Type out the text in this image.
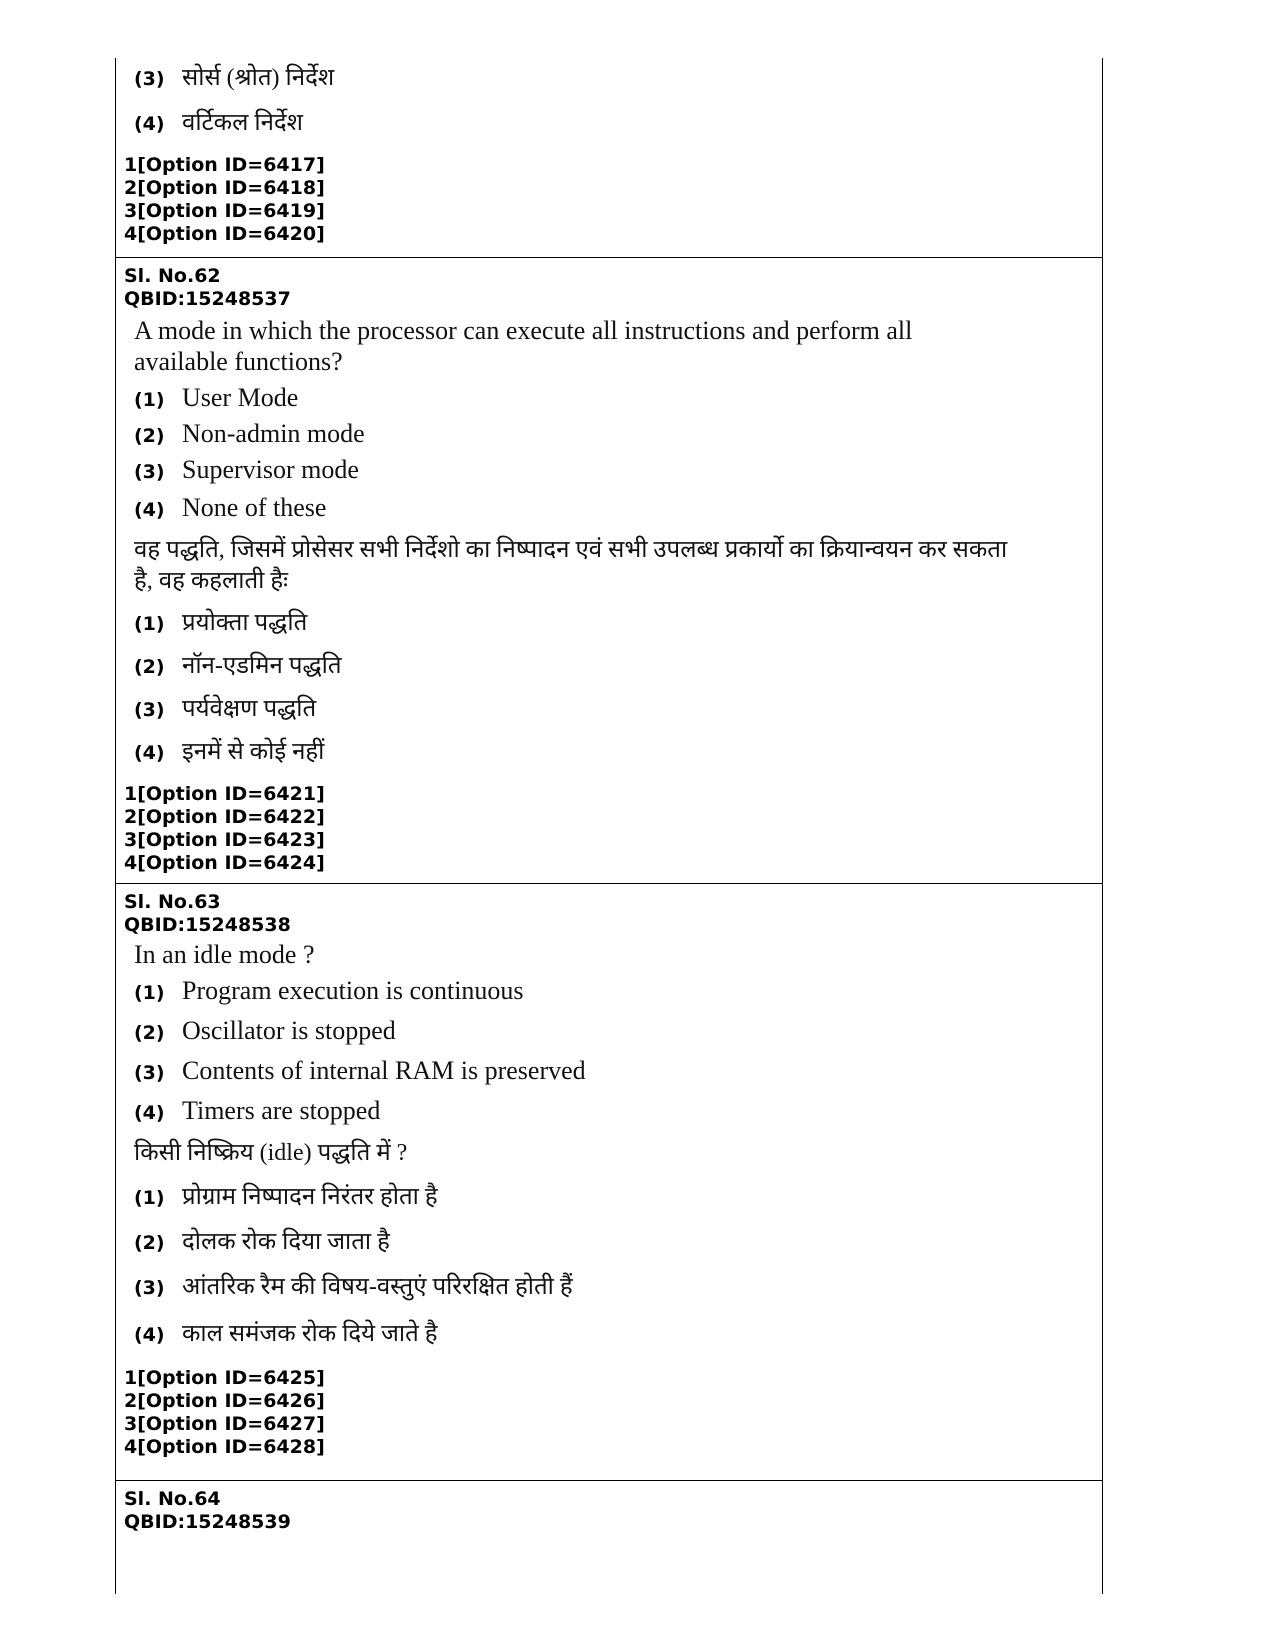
(3) सोर्स (श्रोत) निर्देश
(4) वर्टिकल निर्देश
1[Option ID=6417]
2[Option ID=6418]
3[Option ID=6419]
4[Option ID=6420]
Sl. No.62
QBID:15248537
A mode in which the processor can execute all instructions and perform all available functions?
(1) User Mode
(2) Non-admin mode
(3) Supervisor mode
(4) None of these
वह पद्धति, जिसमें प्रोसेसर सभी निर्देशो का निष्पादन एवं सभी उपलब्ध प्रकार्यो का क्रियान्वयन कर सकता है, वह कहलाती हैः
(1) प्रयोक्ता पद्धति
(2) नॉन-एडमिन पद्धति
(3) पर्यवेक्षण पद्धति
(4) इनमें से कोई नहीं
1[Option ID=6421]
2[Option ID=6422]
3[Option ID=6423]
4[Option ID=6424]
Sl. No.63
QBID:15248538
In an idle mode ?
(1) Program execution is continuous
(2) Oscillator is stopped
(3) Contents of internal RAM is preserved
(4) Timers are stopped
किसी निष्क्रिय (idle) पद्धति में ?
(1) प्रोग्राम निष्पादन निरंतर होता है
(2) दोलक रोक दिया जाता है
(3) आंतरिक रैम की विषय-वस्तुएं परिरक्षित होती हैं
(4) काल समंजक रोक दिये जाते है
1[Option ID=6425]
2[Option ID=6426]
3[Option ID=6427]
4[Option ID=6428]
Sl. No.64
QBID:15248539
